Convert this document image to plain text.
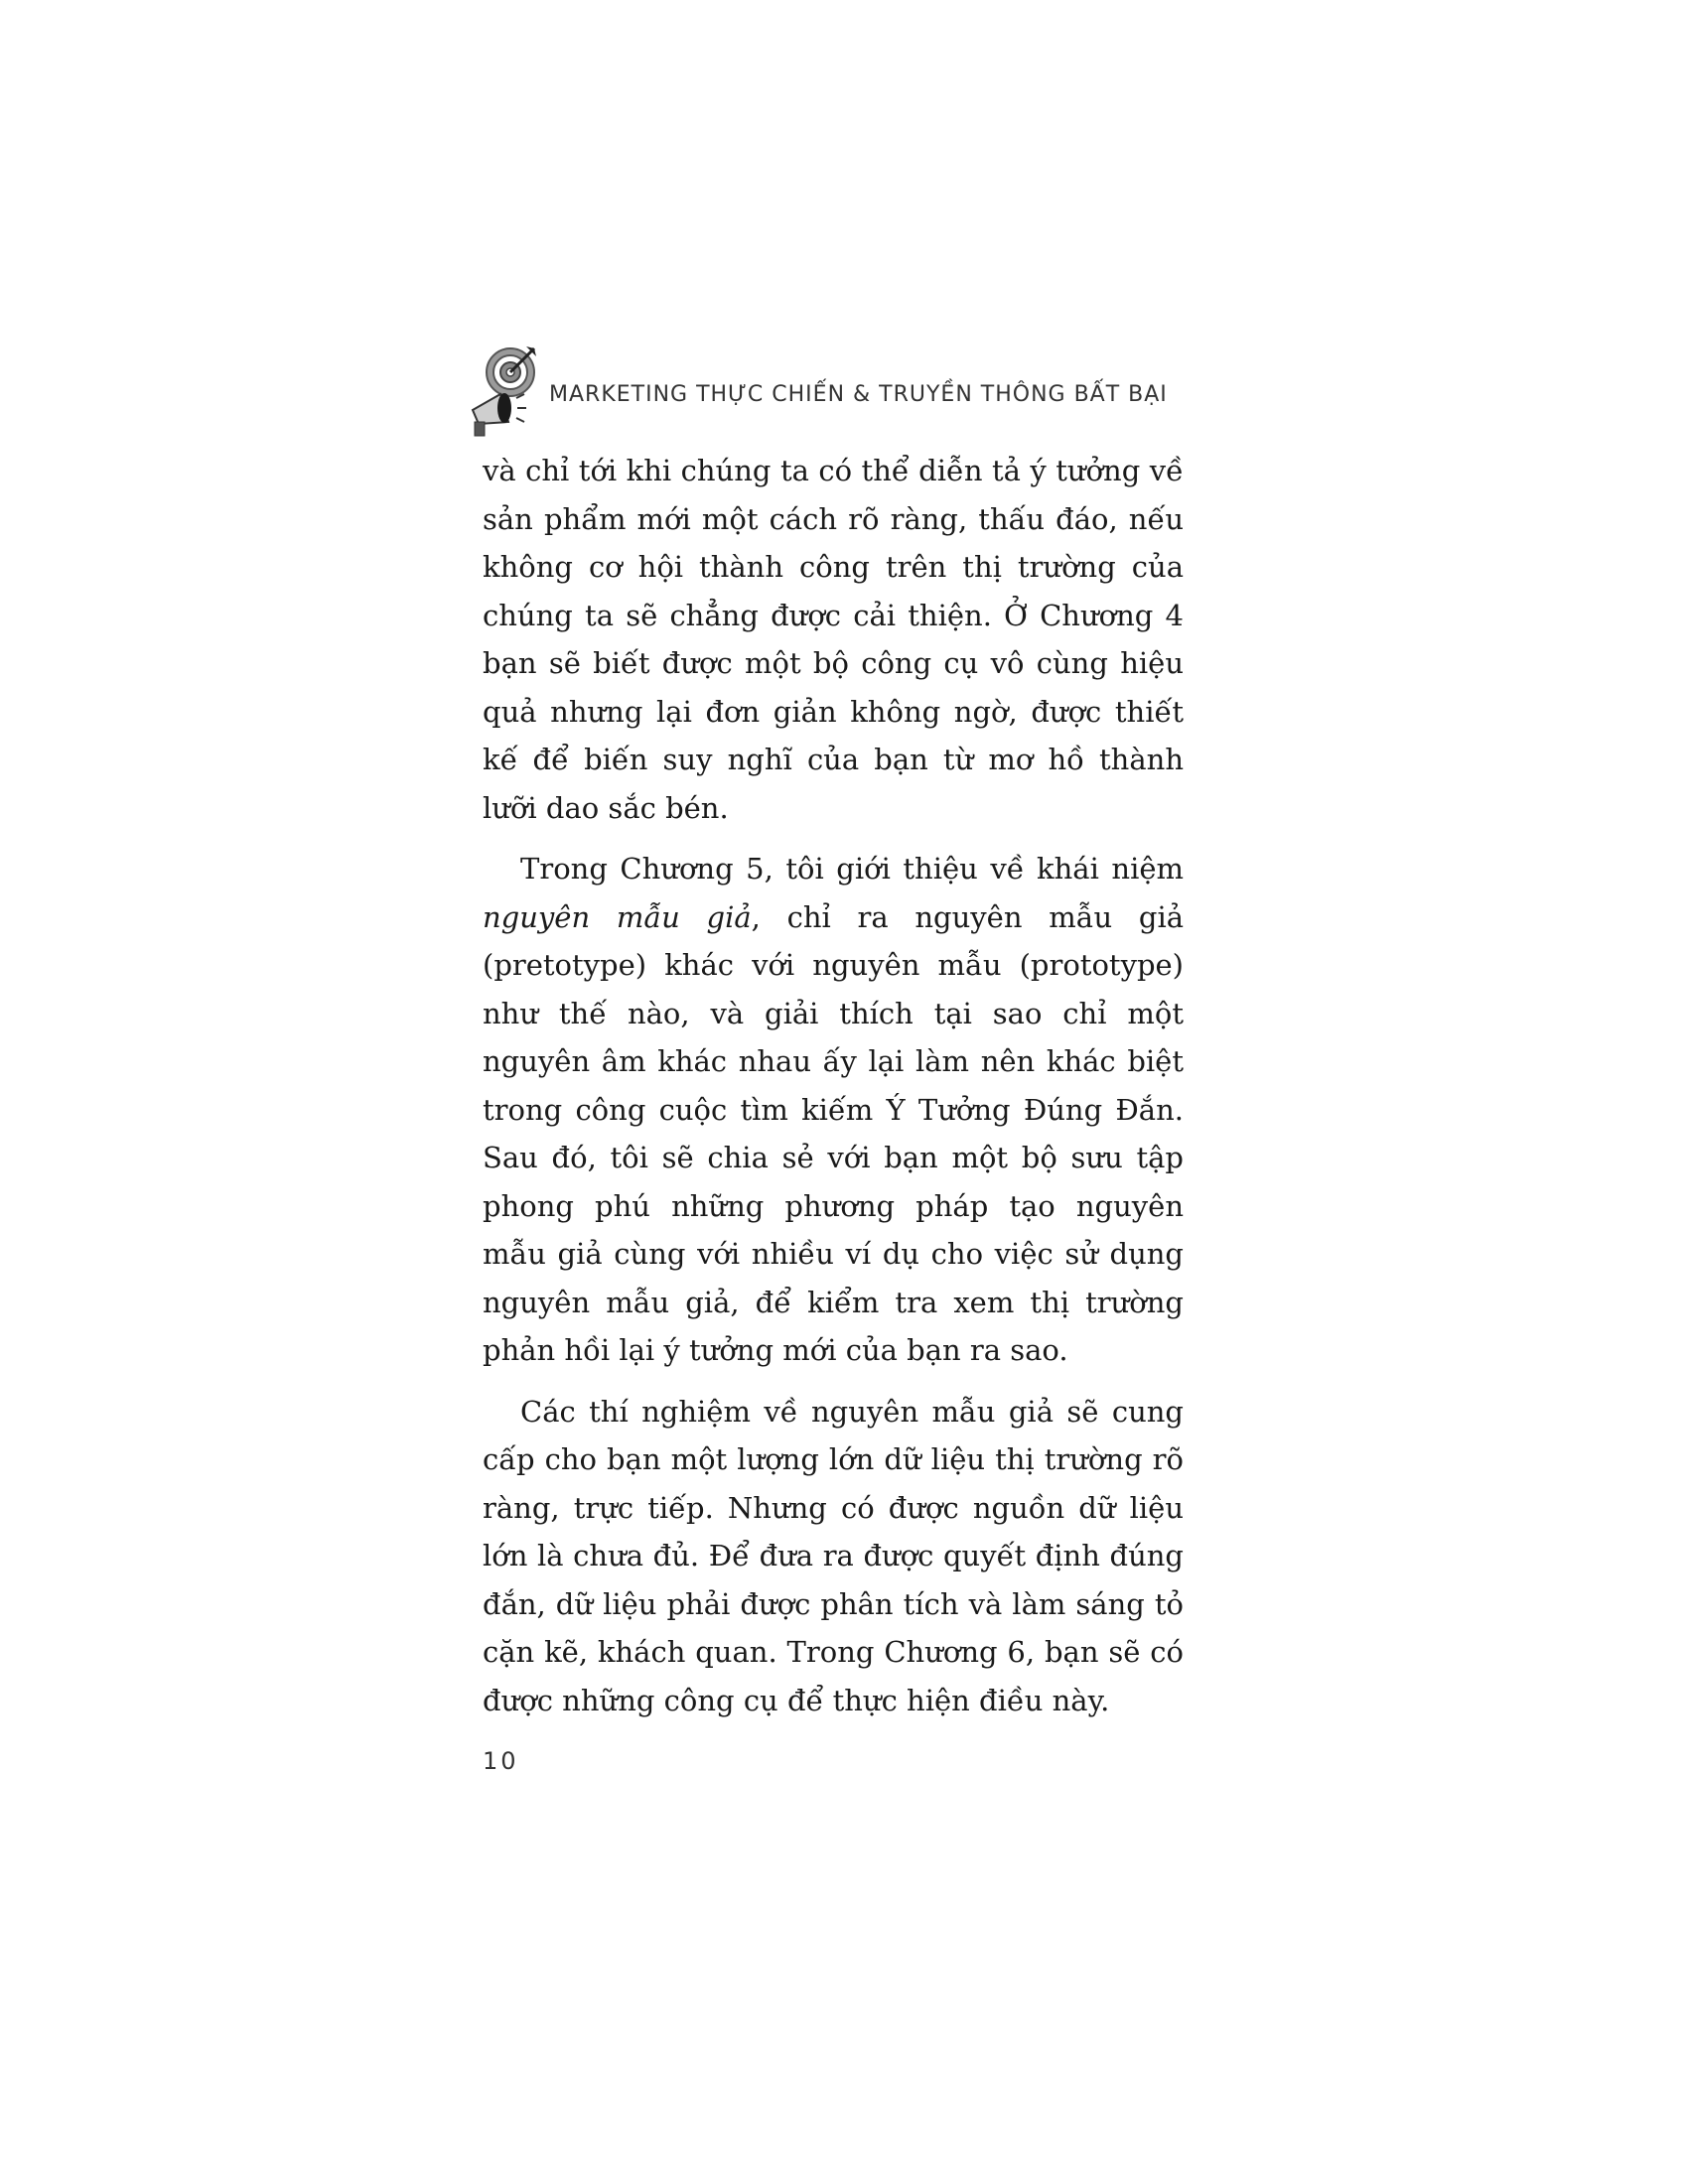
MARKETING THỰC CHIẾN & TRUYỀN THÔNG BẤT BẠI

và chỉ tới khi chúng ta có thể diễn tả ý tưởng về sản phẩm mới một cách rõ ràng, thấu đáo, nếu không cơ hội thành công trên thị trường của chúng ta sẽ chẳng được cải thiện. Ở Chương 4 bạn sẽ biết được một bộ công cụ vô cùng hiệu quả nhưng lại đơn giản không ngờ, được thiết kế để biến suy nghĩ của bạn từ mơ hồ thành lưỡi dao sắc bén.

Trong Chương 5, tôi giới thiệu về khái niệm nguyên mẫu giả, chỉ ra nguyên mẫu giả (pretotype) khác với nguyên mẫu (prototype) như thế nào, và giải thích tại sao chỉ một nguyên âm khác nhau ấy lại làm nên khác biệt trong công cuộc tìm kiếm Ý Tưởng Đúng Đắn. Sau đó, tôi sẽ chia sẻ với bạn một bộ sưu tập phong phú những phương pháp tạo nguyên mẫu giả cùng với nhiều ví dụ cho việc sử dụng nguyên mẫu giả, để kiểm tra xem thị trường phản hồi lại ý tưởng mới của bạn ra sao.

Các thí nghiệm về nguyên mẫu giả sẽ cung cấp cho bạn một lượng lớn dữ liệu thị trường rõ ràng, trực tiếp. Nhưng có được nguồn dữ liệu lớn là chưa đủ. Để đưa ra được quyết định đúng đắn, dữ liệu phải được phân tích và làm sáng tỏ cặn kẽ, khách quan. Trong Chương 6, bạn sẽ có được những công cụ để thực hiện điều này.

10
